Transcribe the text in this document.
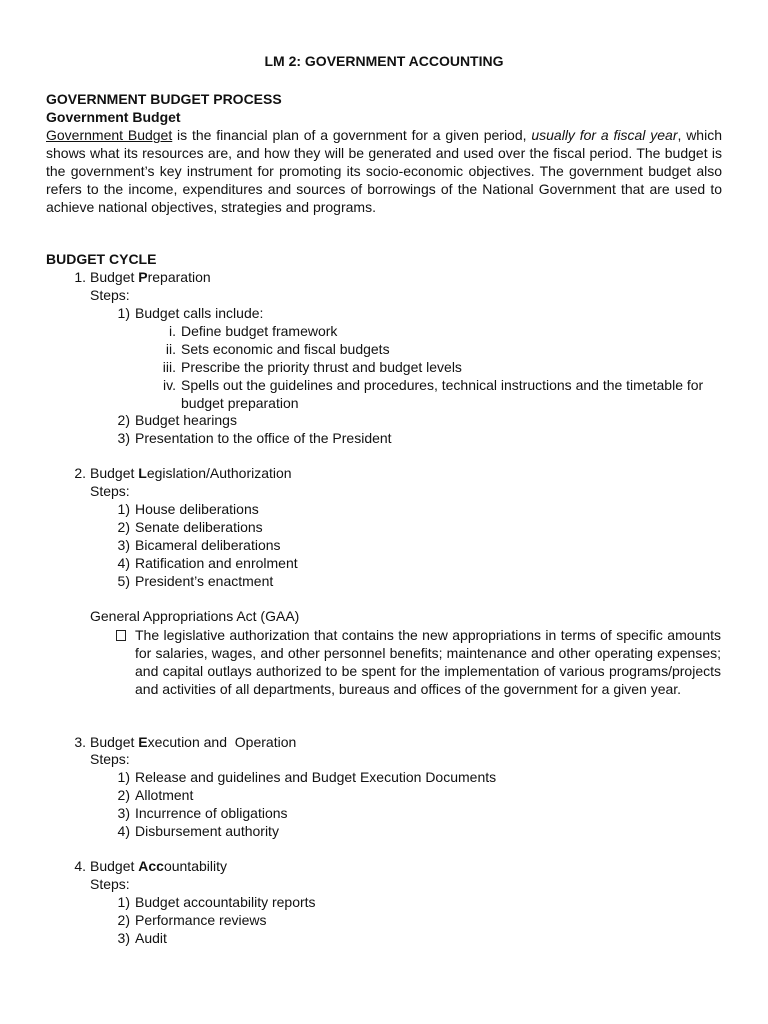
LM 2: GOVERNMENT ACCOUNTING
GOVERNMENT BUDGET PROCESS
Government Budget
Government Budget is the financial plan of a government for a given period, usually for a fiscal year, which shows what its resources are, and how they will be generated and used over the fiscal period. The budget is the government’s key instrument for promoting its socio-economic objectives. The government budget also refers to the income, expenditures and sources of borrowings of the National Government that are used to achieve national objectives, strategies and programs.
BUDGET CYCLE
1. Budget Preparation
Steps:
1) Budget calls include:
i. Define budget framework
ii. Sets economic and fiscal budgets
iii. Prescribe the priority thrust and budget levels
iv. Spells out the guidelines and procedures, technical instructions and the timetable for budget preparation
2) Budget hearings
3) Presentation to the office of the President
2. Budget Legislation/Authorization
Steps:
1) House deliberations
2) Senate deliberations
3) Bicameral deliberations
4) Ratification and enrolment
5) President’s enactment
General Appropriations Act (GAA)
The legislative authorization that contains the new appropriations in terms of specific amounts for salaries, wages, and other personnel benefits; maintenance and other operating expenses; and capital outlays authorized to be spent for the implementation of various programs/projects and activities of all departments, bureaus and offices of the government for a given year.
3. Budget Execution and  Operation
Steps:
1) Release and guidelines and Budget Execution Documents
2) Allotment
3) Incurrence of obligations
4) Disbursement authority
4. Budget Accountability
Steps:
1) Budget accountability reports
2) Performance reviews
3) Audit
